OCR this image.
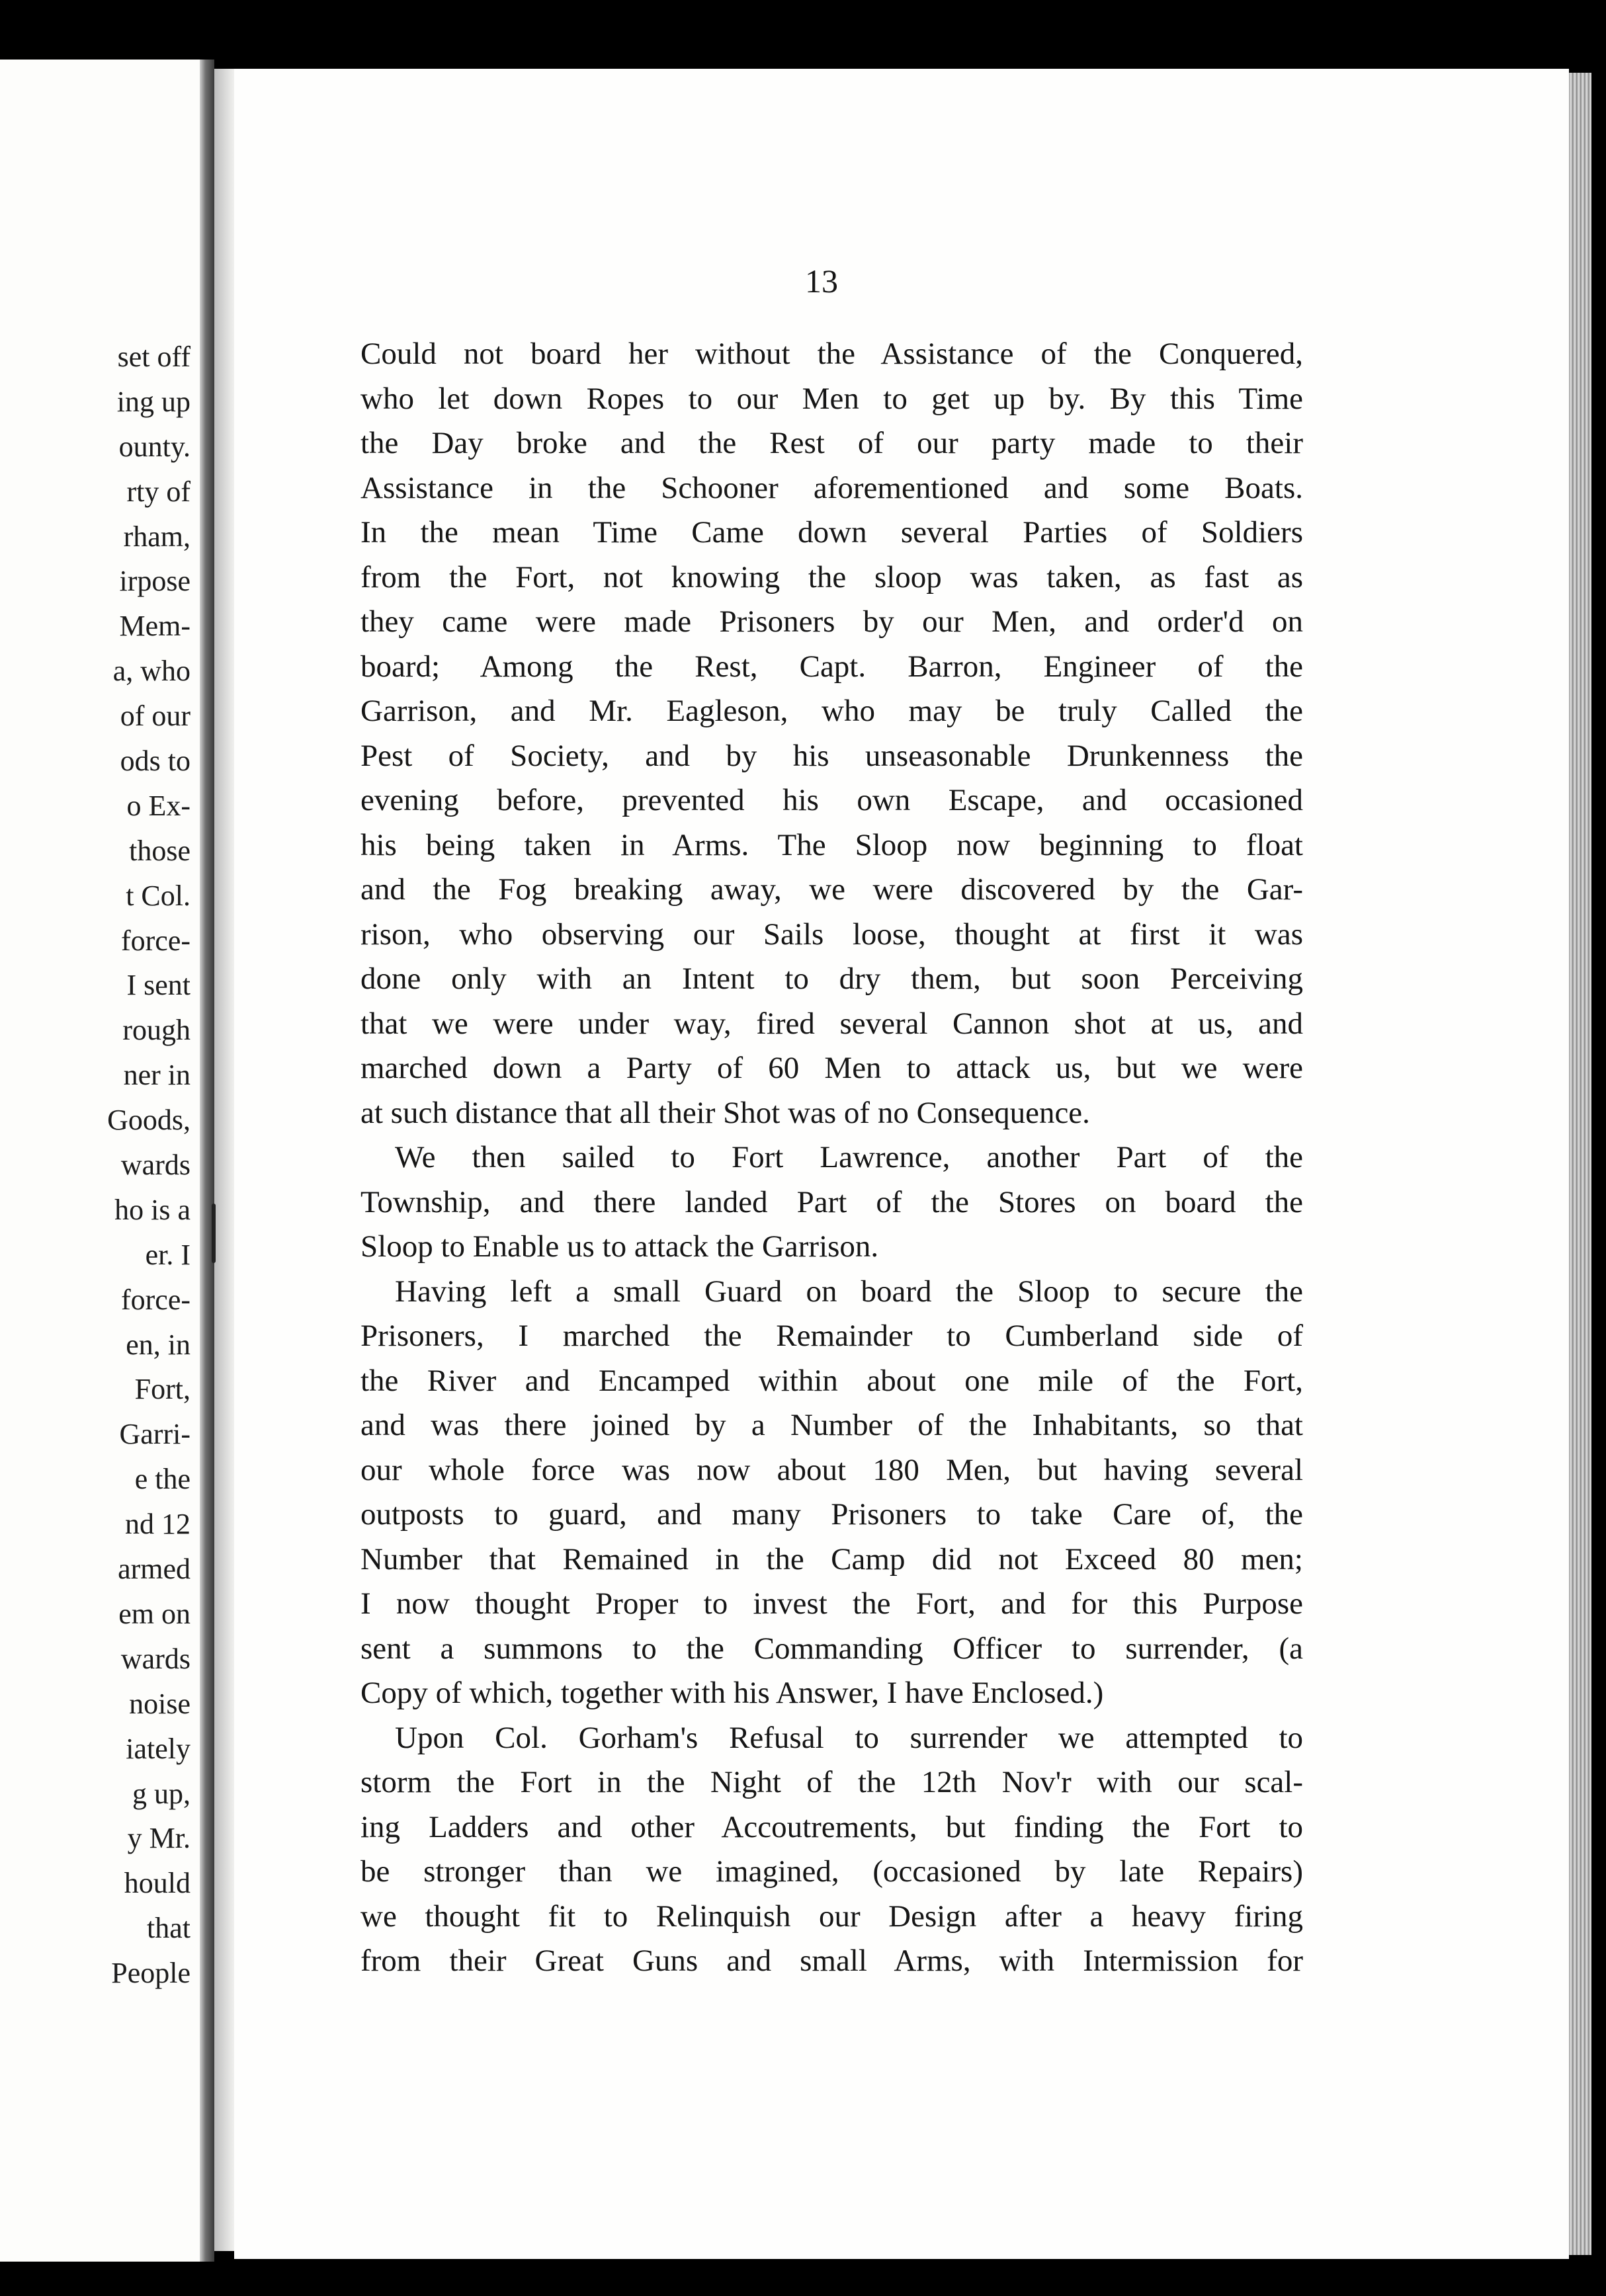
set off
ing up
ounty.
rty of
rham,
irpose
Mem-
a, who
of our
ods to
o Ex-
those
t Col.
force-
I sent
rough
ner in
Goods,
wards
ho is a
er. I
force-
en, in
Fort,
Garri-
e the
nd 12
armed
em on
wards
noise
iately
g up,
y Mr.
hould
that
People
13
Could not board her without the Assistance of the Conquered,
who let down Ropes to our Men to get up by. By this Time
the Day broke and the Rest of our party made to their
Assistance in the Schooner aforementioned and some Boats.
In the mean Time Came down several Parties of Soldiers
from the Fort, not knowing the sloop was taken, as fast as
they came were made Prisoners by our Men, and order'd on
board; Among the Rest, Capt. Barron, Engineer of the
Garrison, and Mr. Eagleson, who may be truly Called the
Pest of Society, and by his unseasonable Drunkenness the
evening before, prevented his own Escape, and occasioned
his being taken in Arms. The Sloop now beginning to float
and the Fog breaking away, we were discovered by the Gar-
rison, who observing our Sails loose, thought at first it was
done only with an Intent to dry them, but soon Perceiving
that we were under way, fired several Cannon shot at us, and
marched down a Party of 60 Men to attack us, but we were
at such distance that all their Shot was of no Consequence.
We then sailed to Fort Lawrence, another Part of the
Township, and there landed Part of the Stores on board the
Sloop to Enable us to attack the Garrison.
Having left a small Guard on board the Sloop to secure the
Prisoners, I marched the Remainder to Cumberland side of
the River and Encamped within about one mile of the Fort,
and was there joined by a Number of the Inhabitants, so that
our whole force was now about 180 Men, but having several
outposts to guard, and many Prisoners to take Care of, the
Number that Remained in the Camp did not Exceed 80 men;
I now thought Proper to invest the Fort, and for this Purpose
sent a summons to the Commanding Officer to surrender, (a
Copy of which, together with his Answer, I have Enclosed.)
Upon Col. Gorham's Refusal to surrender we attempted to
storm the Fort in the Night of the 12th Nov'r with our scal-
ing Ladders and other Accoutrements, but finding the Fort to
be stronger than we imagined, (occasioned by late Repairs)
we thought fit to Relinquish our Design after a heavy firing
from their Great Guns and small Arms, with Intermission for
